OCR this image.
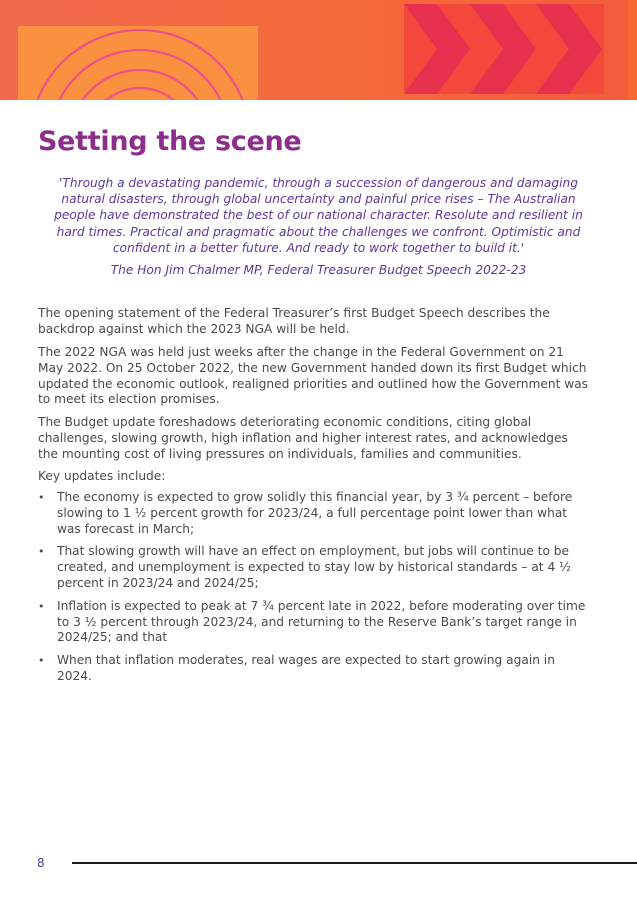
Setting the scene

'Through a devastating pandemic, through a succession of dangerous and damaging natural disasters, through global uncertainty and painful price rises – The Australian people have demonstrated the best of our national character. Resolute and resilient in hard times. Practical and pragmatic about the challenges we confront. Optimistic and confident in a better future. And ready to work together to build it.'

The Hon Jim Chalmer MP, Federal Treasurer Budget Speech 2022-23

The opening statement of the Federal Treasurer’s first Budget Speech describes the backdrop against which the 2023 NGA will be held.

The 2022 NGA was held just weeks after the change in the Federal Government on 21 May 2022. On 25 October 2022, the new Government handed down its first Budget which updated the economic outlook, realigned priorities and outlined how the Government was to meet its election promises.

The Budget update foreshadows deteriorating economic conditions, citing global challenges, slowing growth, high inflation and higher interest rates, and acknowledges the mounting cost of living pressures on individuals, families and communities.

Key updates include:

• The economy is expected to grow solidly this financial year, by 3 ¾ percent – before slowing to 1 ½ percent growth for 2023/24, a full percentage point lower than what was forecast in March;
• That slowing growth will have an effect on employment, but jobs will continue to be created, and unemployment is expected to stay low by historical standards – at 4 ½ percent in 2023/24 and 2024/25;
• Inflation is expected to peak at 7 ¾ percent late in 2022, before moderating over time to 3 ½ percent through 2023/24, and returning to the Reserve Bank’s target range in 2024/25; and that
• When that inflation moderates, real wages are expected to start growing again in 2024.
8
